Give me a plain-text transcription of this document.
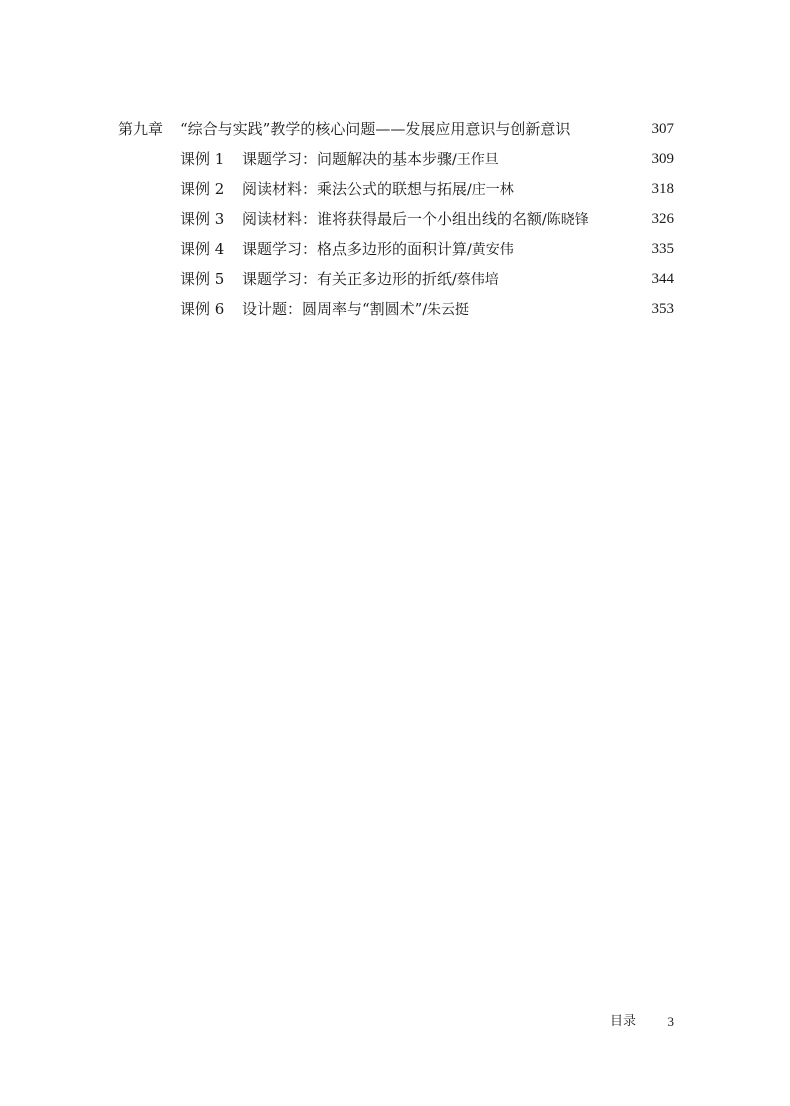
第九章 “综合与实践”教学的核心问题——发展应用意识与创新意识	307
课例 1 课题学习：问题解决的基本步骤/王作旦	309
课例 2 阅读材料：乘法公式的联想与拓展/庄一林	318
课例 3 阅读材料：谁将获得最后一个小组出线的名额/陈晓锋	326
课例 4 课题学习：格点多边形的面积计算/黄安伟	335
课例 5 课题学习：有关正多边形的折纸/蔡伟培	344
课例 6 设计题：圆周率与“割圆术”/朱云挺	353
目录 3
